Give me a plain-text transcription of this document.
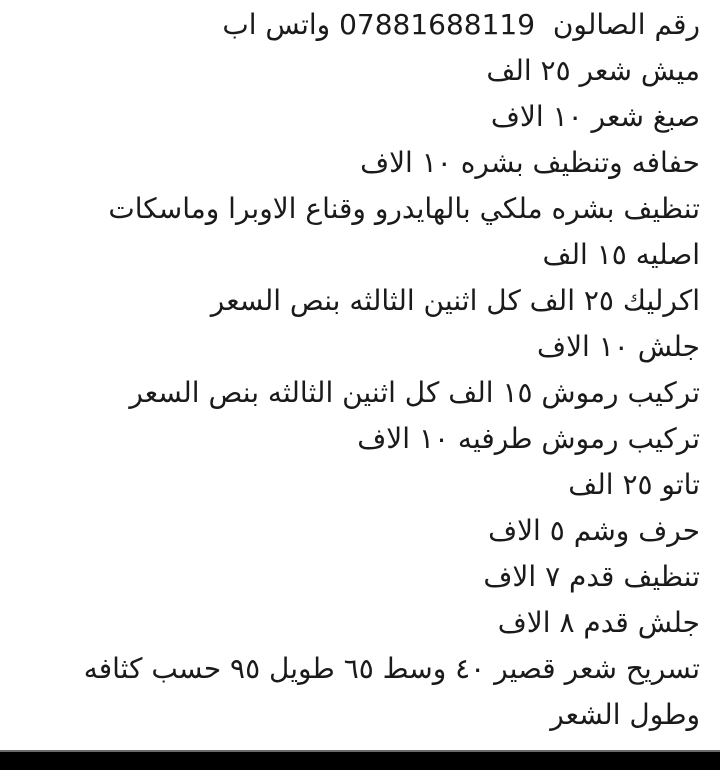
رقم الصالون  07881688119 واتس اب
ميش شعر ٢٥ الف
صبغ شعر ١٠ الاف
حفافه وتنظيف بشره ١٠ الاف
تنظيف بشره ملكي بالهايدرو وقناع الاوبرا وماسكات
اصليه ١٥ الف
اكرليك ٢٥ الف كل اثنين الثالثه بنص السعر
جلش ١٠ الاف
تركيب رموش ١٥ الف كل اثنين الثالثه بنص السعر
تركيب رموش طرفيه ١٠ الاف
تاتو ٢٥ الف
حرف وشم ٥ الاف
تنظيف قدم ٧ الاف
جلش قدم ٨ الاف
تسريح شعر قصير ٤٠ وسط ٦٥ طويل ٩٥ حسب كثافه
وطول الشعر
